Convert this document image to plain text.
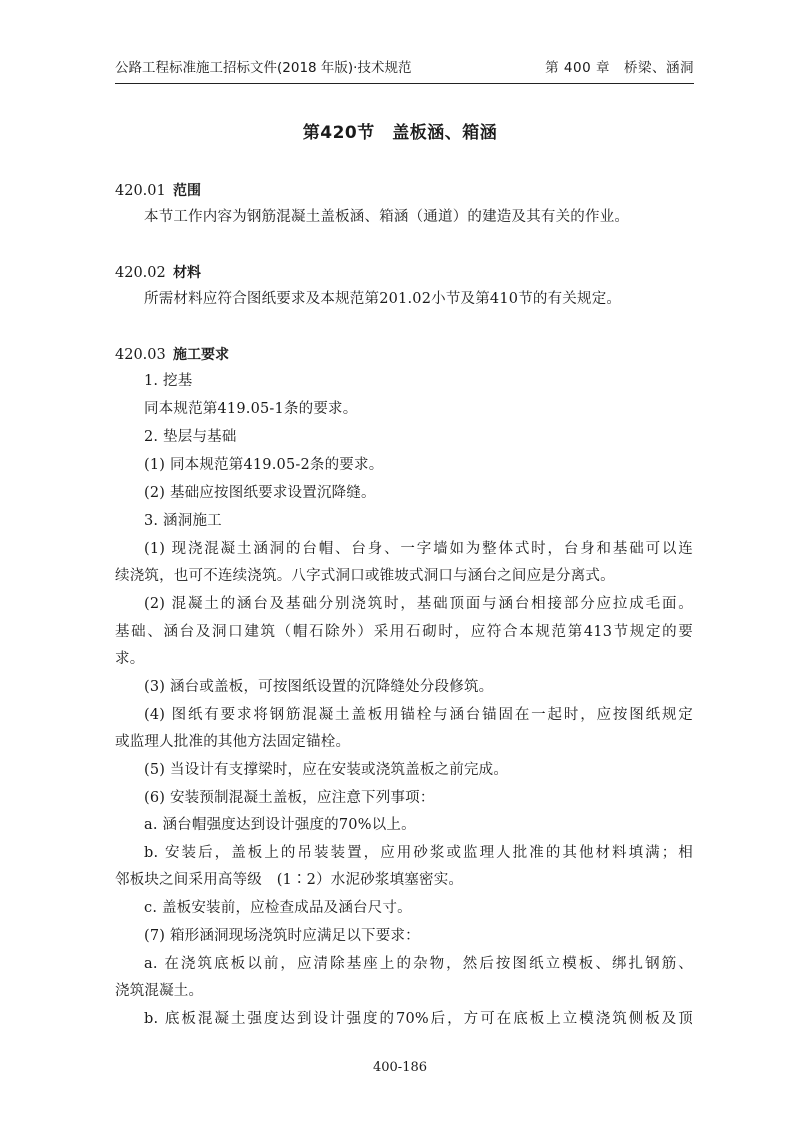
公路工程标准施工招标文件(2018 年版)·技术规范	第 400 章　桥梁、涵洞
第420节　盖板涵、箱涵
420.01 范围
本节工作内容为钢筋混凝土盖板涵、箱涵（通道）的建造及其有关的作业。
420.02 材料
所需材料应符合图纸要求及本规范第201.02小节及第410节的有关规定。
420.03 施工要求
1. 挖基
同本规范第419.05-1条的要求。
2. 垫层与基础
(1) 同本规范第419.05-2条的要求。
(2) 基础应按图纸要求设置沉降缝。
3. 涵洞施工
(1) 现浇混凝土涵洞的台帽、台身、一字墙如为整体式时，台身和基础可以连
续浇筑，也可不连续浇筑。八字式洞口或锥坡式洞口与涵台之间应是分离式。
(2) 混凝土的涵台及基础分别浇筑时，基础顶面与涵台相接部分应拉成毛面。
基础、涵台及洞口建筑（帽石除外）采用石砌时，应符合本规范第413节规定的要
求。
(3) 涵台或盖板，可按图纸设置的沉降缝处分段修筑。
(4) 图纸有要求将钢筋混凝土盖板用锚栓与涵台锚固在一起时，应按图纸规定
或监理人批准的其他方法固定锚栓。
(5) 当设计有支撑梁时，应在安装或浇筑盖板之前完成。
(6) 安装预制混凝土盖板，应注意下列事项：
a. 涵台帽强度达到设计强度的70%以上。
b. 安装后，盖板上的吊装装置，应用砂浆或监理人批准的其他材料填满；相
邻板块之间采用高等级　(1∶2）水泥砂浆填塞密实。
c. 盖板安装前，应检查成品及涵台尺寸。
(7) 箱形涵洞现场浇筑时应满足以下要求：
a. 在浇筑底板以前，应清除基座上的杂物，然后按图纸立模板、绑扎钢筋、
浇筑混凝土。
b. 底板混凝土强度达到设计强度的70%后，方可在底板上立模浇筑侧板及顶
400-186
